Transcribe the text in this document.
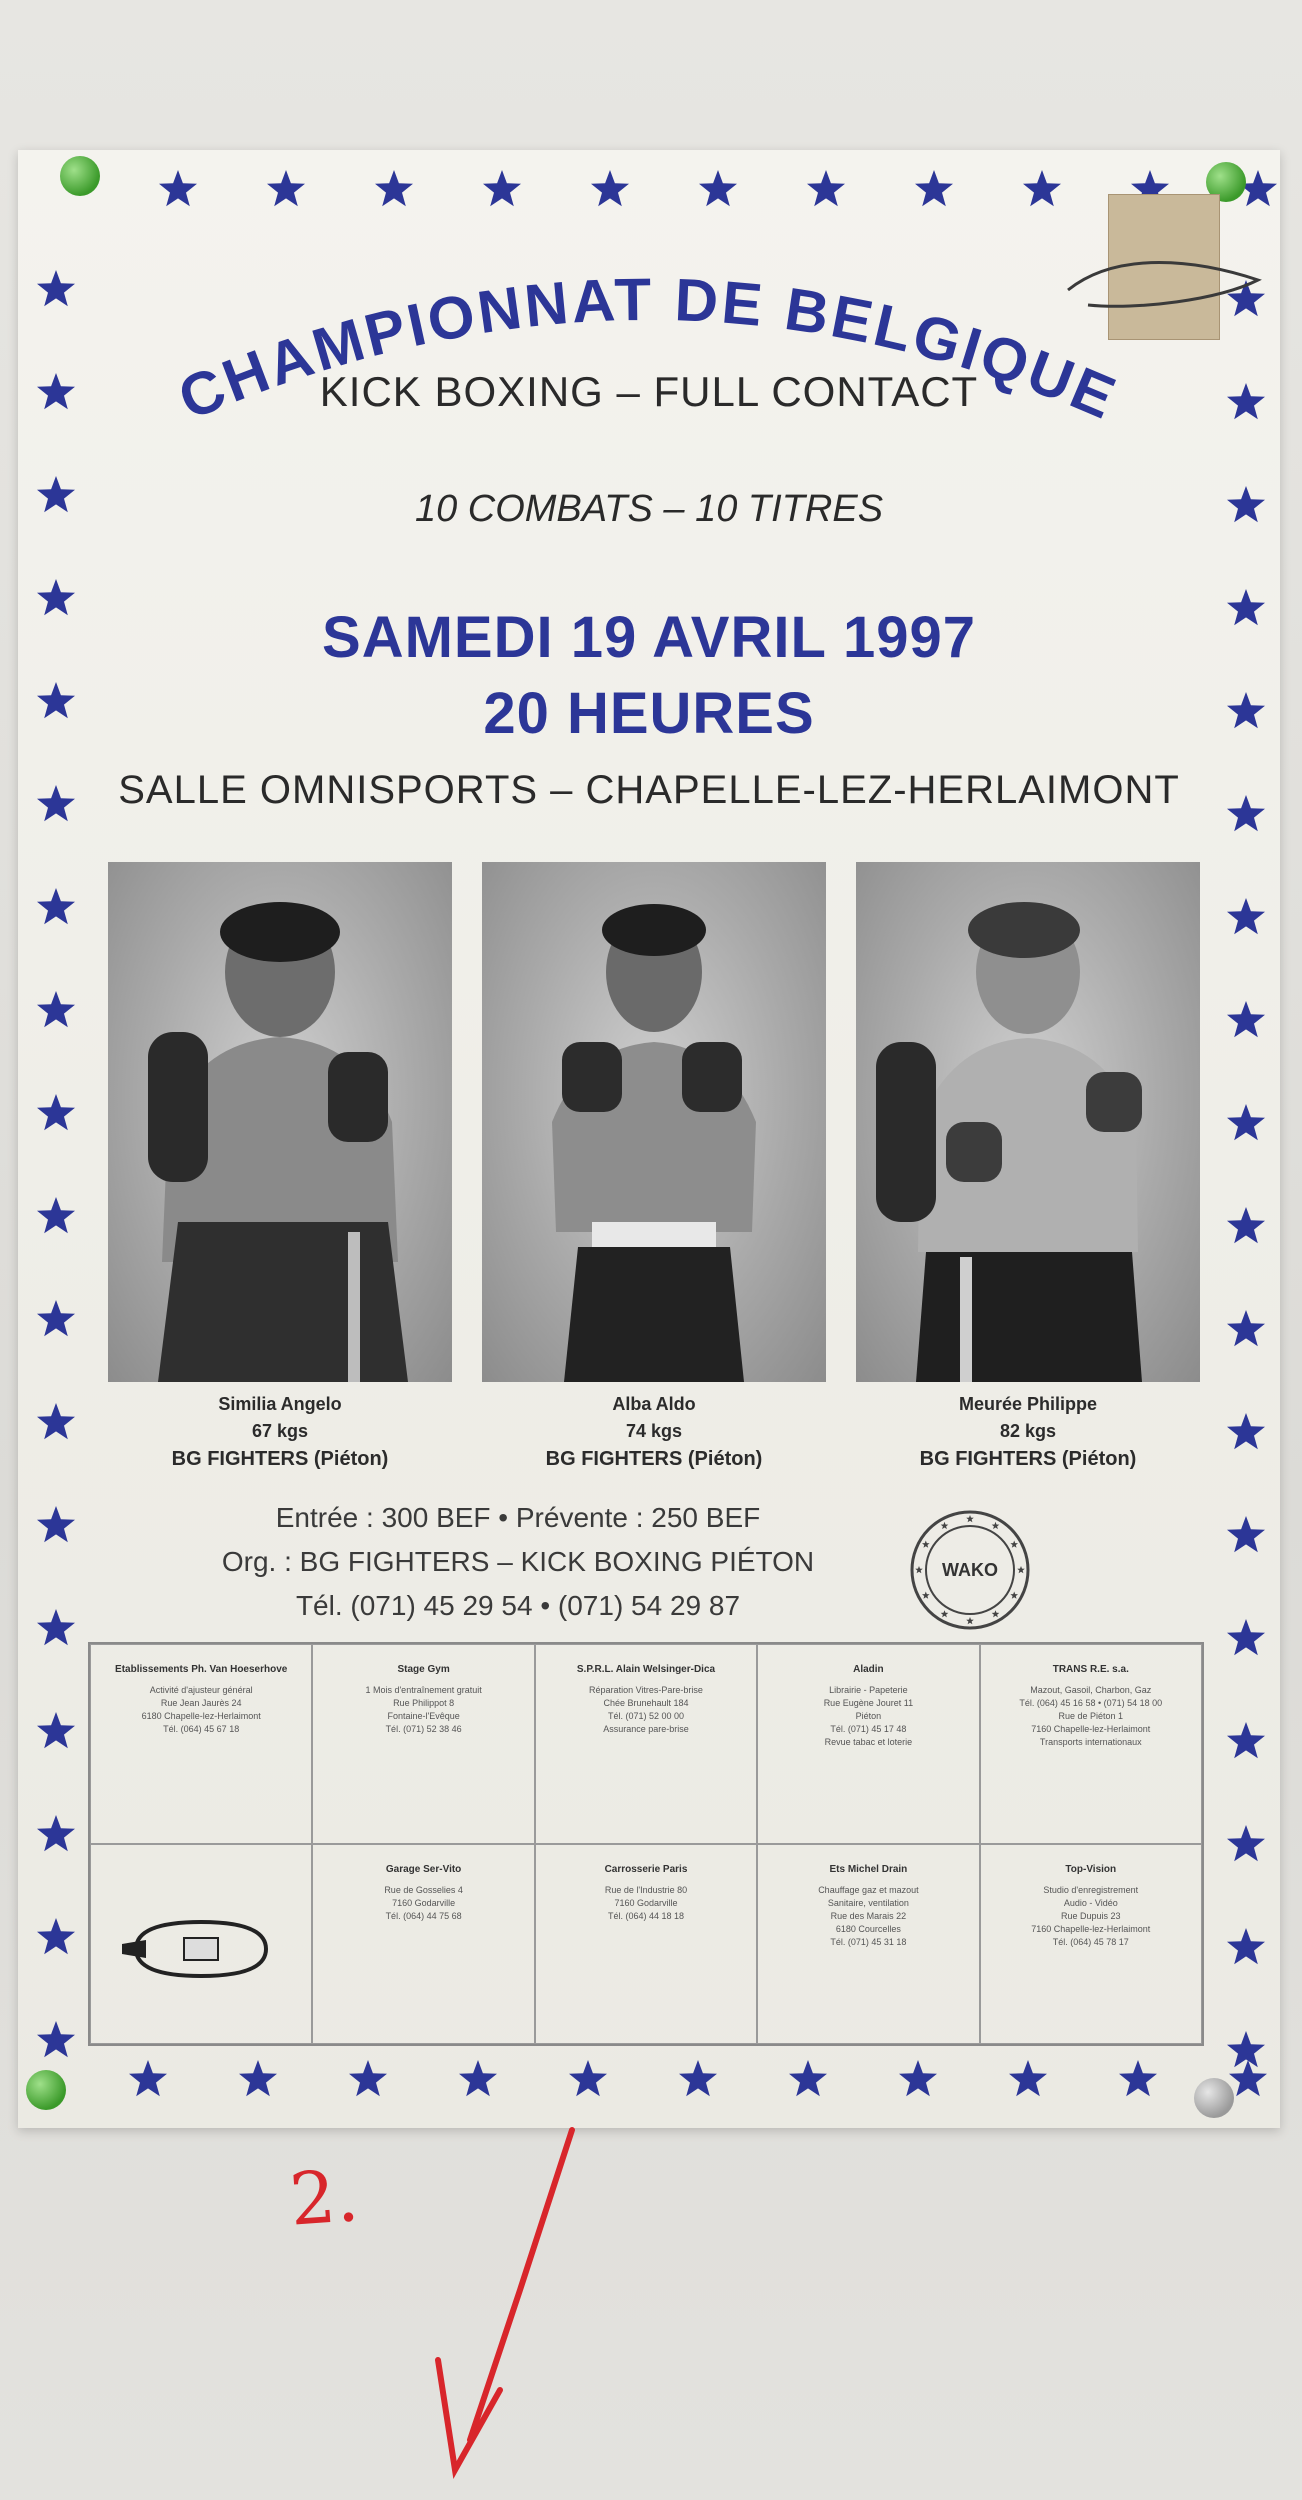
CHAMPIONNAT DE BELGIQUE
KICK BOXING – FULL CONTACT
10 COMBATS – 10 TITRES
SAMEDI 19 AVRIL 1997
20 HEURES
SALLE OMNISPORTS – CHAPELLE-LEZ-HERLAIMONT
Similia Angelo
67 kgs
BG FIGHTERS (Piéton)
Alba Aldo
74 kgs
BG FIGHTERS (Piéton)
Meurée Philippe
82 kgs
BG FIGHTERS (Piéton)
Entrée : 300 BEF • Prévente : 250 BEF
Org. : BG FIGHTERS – KICK BOXING PIÉTON
Tél. (071) 45 29 54 • (071) 54 29 87
WAKO
Etablissements Ph. Van Hoeserhove
Activité d'ajusteur général
Rue Jean Jaurès 24
6180 Chapelle-lez-Herlaimont
Tél. (064) 45 67 18
Stage Gym
1 Mois d'entraînement gratuit
Rue Philippot 8
Fontaine-l'Evêque
Tél. (071) 52 38 46
S.P.R.L. Alain Welsinger-Dica
Réparation Vitres-Pare-brise
Chée Brunehault 184
Tél. (071) 52 00 00
Assurance pare-brise
Aladin
Librairie - Papeterie
Rue Eugène Jouret 11
Piéton
Tél. (071) 45 17 48
Revue tabac et loterie
TRANS R.E. s.a.
Mazout, Gasoil, Charbon, Gaz
Tél. (064) 45 16 58 • (071) 54 18 00
Rue de Piéton 1
7160 Chapelle-lez-Herlaimont
Transports internationaux
Garage Ser-Vito
Rue de Gosselies 4
7160 Godarville
Tél. (064) 44 75 68
Carrosserie Paris
Rue de l'Industrie 80
7160 Godarville
Tél. (064) 44 18 18
Ets Michel Drain
Chauffage gaz et mazout
Sanitaire, ventilation
Rue des Marais 22
6180 Courcelles
Tél. (071) 45 31 18
Top-Vision
Studio d'enregistrement
Audio - Vidéo
Rue Dupuis 23
7160 Chapelle-lez-Herlaimont
Tél. (064) 45 78 17
2.
